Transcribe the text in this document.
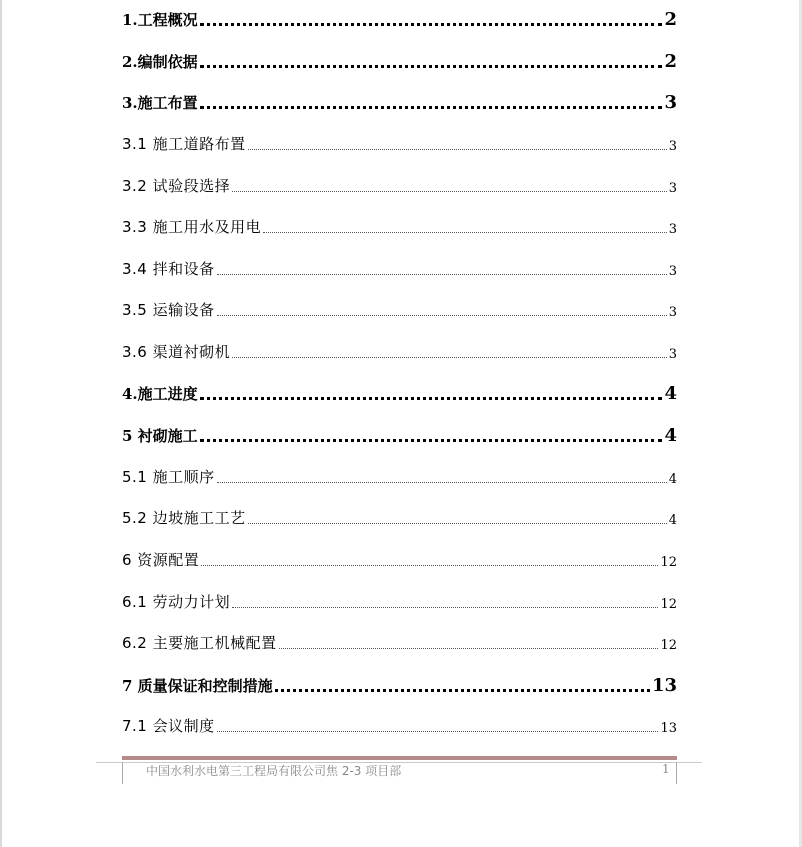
1.工程概况	2
2.编制依据	2
3.施工布置	3
3.1 施工道路布置	3
3.2 试验段选择	3
3.3 施工用水及用电	3
3.4 拌和设备	3
3.5 运输设备	3
3.6 渠道衬砌机	3
4.施工进度	4
5 衬砌施工	4
5.1 施工顺序	4
5.2 边坡施工工艺	4
6 资源配置	12
6.1 劳动力计划	12
6.2 主要施工机械配置	12
7 质量保证和控制措施	13
7.1 会议制度	13
中国水利水电第三工程局有限公司焦 2-3 项目部	1
